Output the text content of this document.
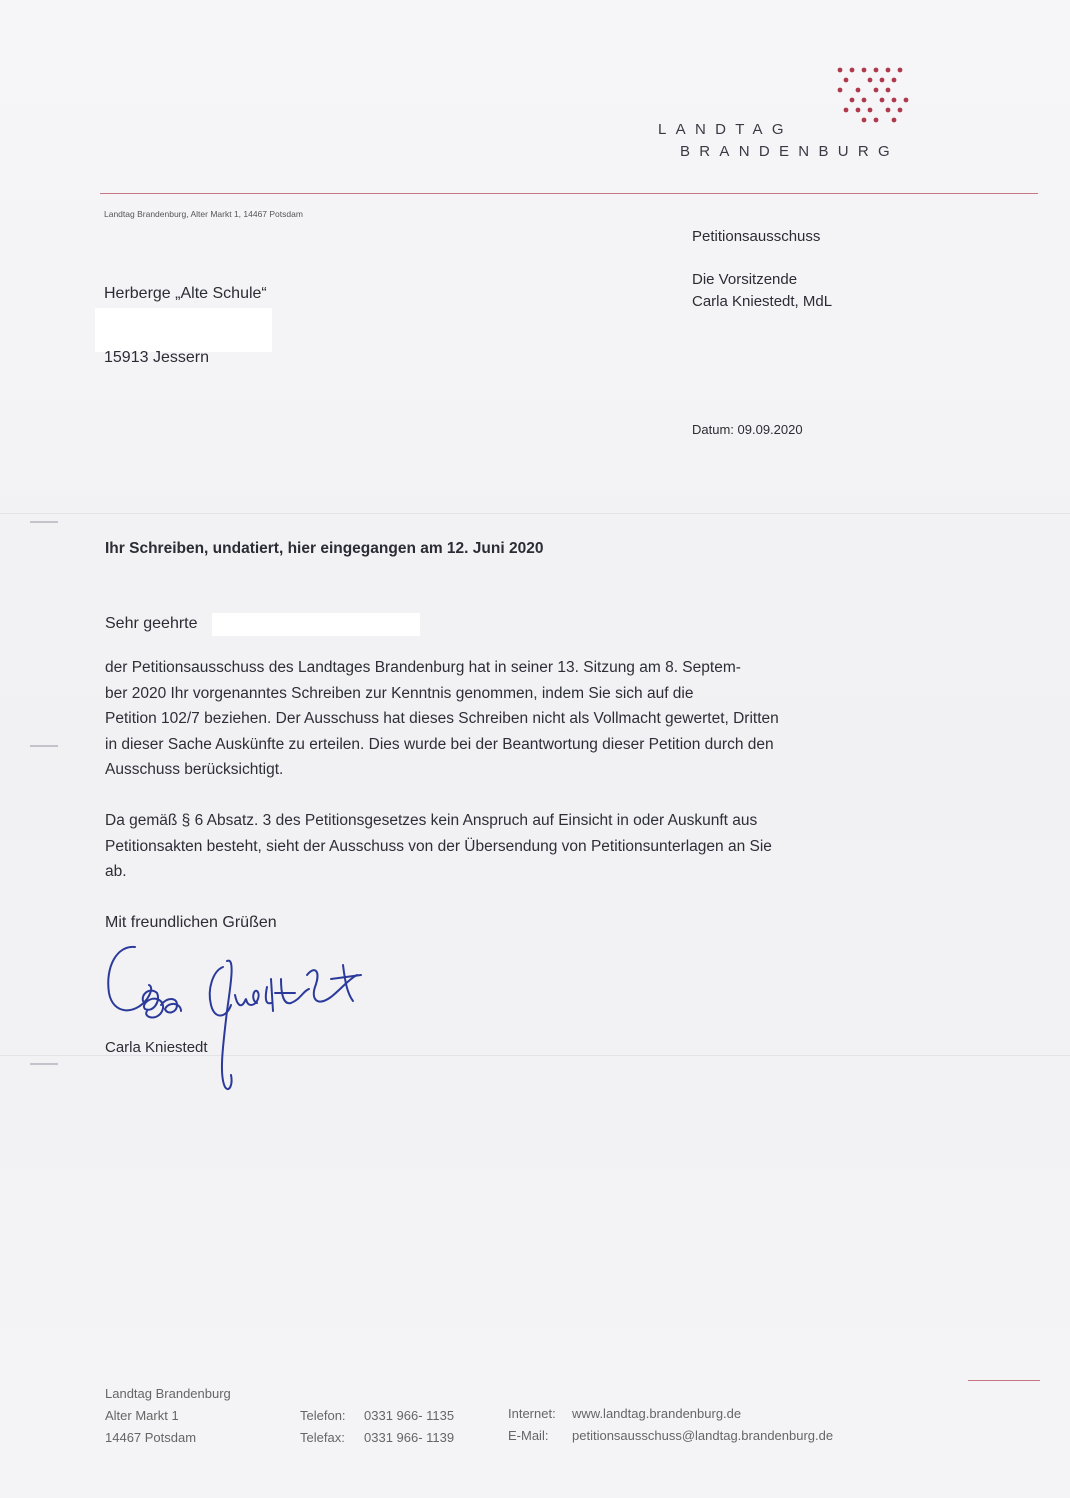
LANDTAG
BRANDENBURG
Landtag Brandenburg, Alter Markt 1, 14467 Potsdam
Petitionsausschuss
Die Vorsitzende
Carla Kniestedt, MdL
Datum: 09.09.2020
Herberge „Alte Schule“
15913 Jessern
Ihr Schreiben, undatiert, hier eingegangen am 12. Juni 2020
Sehr geehrte
der Petitionsausschuss des Landtages Brandenburg hat in seiner 13. Sitzung am 8. Septem-
ber 2020 Ihr vorgenanntes Schreiben zur Kenntnis genommen, indem Sie sich auf die
Petition 102/7 beziehen. Der Ausschuss hat dieses Schreiben nicht als Vollmacht gewertet, Dritten
in dieser Sache Auskünfte zu erteilen. Dies wurde bei der Beantwortung dieser Petition durch den
Ausschuss berücksichtigt.
Da gemäß § 6 Absatz. 3 des Petitionsgesetzes kein Anspruch auf Einsicht in oder Auskunft aus
Petitionsakten besteht, sieht der Ausschuss von der Übersendung von Petitionsunterlagen an Sie
ab.
Mit freundlichen Grüßen
Carla Kniestedt
Landtag Brandenburg
Alter Markt 1
14467 Potsdam
Telefon:
Telefax:
0331 966- 1135
0331 966- 1139
Internet:
E-Mail:
www.landtag.brandenburg.de
petitionsausschuss@landtag.brandenburg.de
